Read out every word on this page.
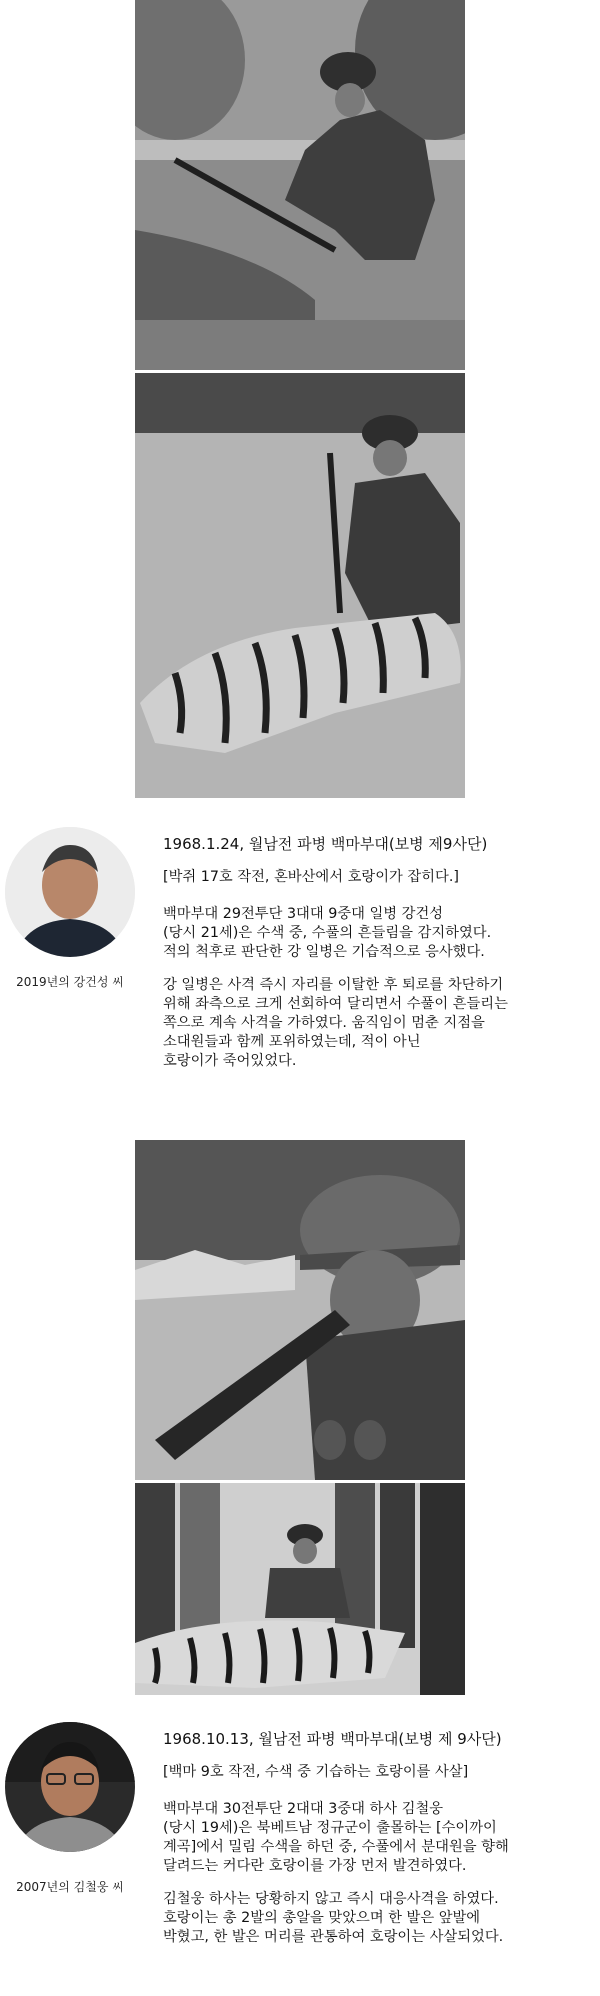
2019년의 강건성 씨

1968.1.24, 월남전 파병 백마부대(보병 제9사단)

[박쥐 17호 작전, 혼바산에서 호랑이가 잡히다.]

백마부대 29전투단 3대대 9중대 일병 강건성
(당시 21세)은 수색 중, 수풀의 흔들림을 감지하였다.
적의 척후로 판단한 강 일병은 기습적으로 응사했다.

강 일병은 사격 즉시 자리를 이탈한 후 퇴로를 차단하기
위해 좌측으로 크게 선회하여 달리면서 수풀이 흔들리는
쪽으로 계속 사격을 가하였다. 움직임이 멈춘 지점을
소대원들과 함께 포위하였는데, 적이 아닌
호랑이가 죽어있었다.

2007년의 김철웅 씨

1968.10.13, 월남전 파병 백마부대(보병 제 9사단)

[백마 9호 작전, 수색 중 기습하는 호랑이를 사살]

백마부대 30전투단 2대대 3중대 하사 김철웅
(당시 19세)은 북베트남 정규군이 출몰하는 [수이까이
계곡]에서 밀림 수색을 하던 중, 수풀에서 분대원을 향해
달려드는 커다란 호랑이를 가장 먼저 발견하였다.

김철웅 하사는 당황하지 않고 즉시 대응사격을 하였다.
호랑이는 총 2발의 총알을 맞았으며 한 발은 앞발에
박혔고, 한 발은 머리를 관통하여 호랑이는 사살되었다.
